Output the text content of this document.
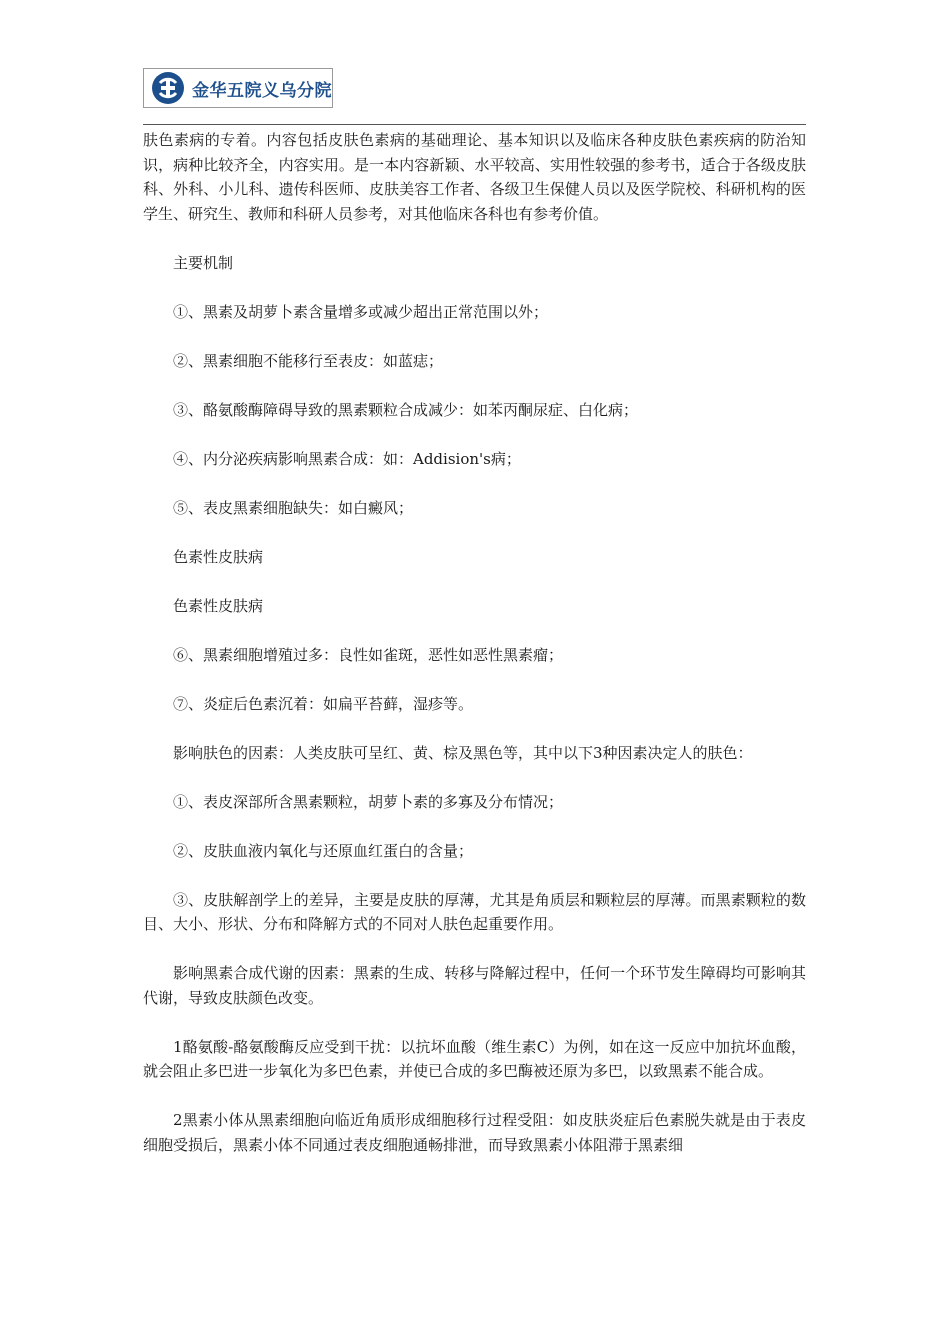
金华五院义乌分院

肤色素病的专着。内容包括皮肤色素病的基础理论、基本知识以及临床各种皮肤色素疾病的防治知识，病种比较齐全，内容实用。是一本内容新颖、水平较高、实用性较强的参考书，适合于各级皮肤科、外科、小儿科、遗传科医师、皮肤美容工作者、各级卫生保健人员以及医学院校、科研机构的医学生、研究生、教师和科研人员参考，对其他临床各科也有参考价值。

主要机制

①、黑素及胡萝卜素含量增多或减少超出正常范围以外；

②、黑素细胞不能移行至表皮：如蓝痣；

③、酪氨酸酶障碍导致的黑素颗粒合成减少：如苯丙酮尿症、白化病；

④、内分泌疾病影响黑素合成：如：Addision's病；

⑤、表皮黑素细胞缺失：如白癜风；

色素性皮肤病

色素性皮肤病

⑥、黑素细胞增殖过多：良性如雀斑，恶性如恶性黑素瘤；

⑦、炎症后色素沉着：如扁平苔藓，湿疹等。

影响肤色的因素：人类皮肤可呈红、黄、棕及黑色等，其中以下3种因素决定人的肤色：

①、表皮深部所含黑素颗粒，胡萝卜素的多寡及分布情况；

②、皮肤血液内氧化与还原血红蛋白的含量；

③、皮肤解剖学上的差异，主要是皮肤的厚薄，尤其是角质层和颗粒层的厚薄。而黑素颗粒的数目、大小、形状、分布和降解方式的不同对人肤色起重要作用。

影响黑素合成代谢的因素：黑素的生成、转移与降解过程中，任何一个环节发生障碍均可影响其代谢，导致皮肤颜色改变。

1酪氨酸-酪氨酸酶反应受到干扰：以抗坏血酸（维生素C）为例，如在这一反应中加抗坏血酸，就会阻止多巴进一步氧化为多巴色素，并使已合成的多巴酶被还原为多巴，以致黑素不能合成。

2黑素小体从黑素细胞向临近角质形成细胞移行过程受阻：如皮肤炎症后色素脱失就是由于表皮细胞受损后，黑素小体不同通过表皮细胞通畅排泄，而导致黑素小体阻滞于黑素细
